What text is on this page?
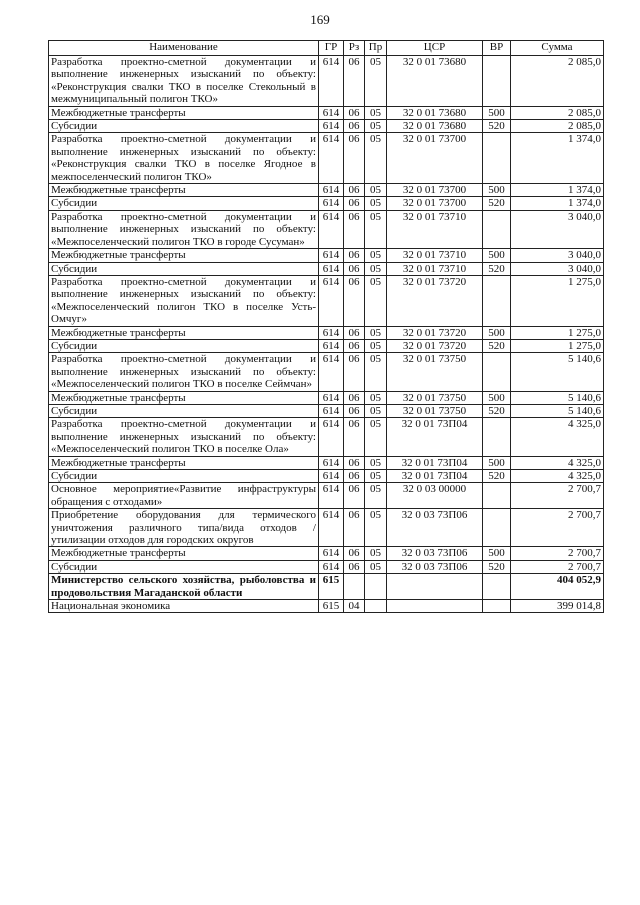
169
Наименование	ГР	Рз	Пр	ЦСР	ВР	Сумма
Разработка проектно-сметной документации и выполнение инженерных изысканий по объекту: «Реконструкция свалки ТКО в поселке Стекольный в межмуниципальный полигон ТКО»	614	06	05	32 0 01 73680		2 085,0
Межбюджетные трансферты	614	06	05	32 0 01 73680	500	2 085,0
Субсидии	614	06	05	32 0 01 73680	520	2 085,0
Разработка проектно-сметной документации и выполнение инженерных изысканий по объекту: «Реконструкция свалки ТКО в поселке Ягодное в межпоселенческий полигон ТКО»	614	06	05	32 0 01 73700		1 374,0
Межбюджетные трансферты	614	06	05	32 0 01 73700	500	1 374,0
Субсидии	614	06	05	32 0 01 73700	520	1 374,0
Разработка проектно-сметной документации и выполнение инженерных изысканий по объекту: «Межпоселенческий полигон ТКО в городе Сусуман»	614	06	05	32 0 01 73710		3 040,0
Межбюджетные трансферты	614	06	05	32 0 01 73710	500	3 040,0
Субсидии	614	06	05	32 0 01 73710	520	3 040,0
Разработка проектно-сметной документации и выполнение инженерных изысканий по объекту: «Межпоселенческий полигон ТКО в поселке Усть-Омчуг»	614	06	05	32 0 01 73720		1 275,0
Межбюджетные трансферты	614	06	05	32 0 01 73720	500	1 275,0
Субсидии	614	06	05	32 0 01 73720	520	1 275,0
Разработка проектно-сметной документации и выполнение инженерных изысканий по объекту: «Межпоселенческий полигон ТКО в поселке Сеймчан»	614	06	05	32 0 01 73750		5 140,6
Межбюджетные трансферты	614	06	05	32 0 01 73750	500	5 140,6
Субсидии	614	06	05	32 0 01 73750	520	5 140,6
Разработка проектно-сметной документации и выполнение инженерных изысканий по объекту: «Межпоселенческий полигон ТКО в поселке Ола»	614	06	05	32 0 01 73П04		4 325,0
Межбюджетные трансферты	614	06	05	32 0 01 73П04	500	4 325,0
Субсидии	614	06	05	32 0 01 73П04	520	4 325,0
Основное мероприятие«Развитие инфраструктуры обращения с отходами»	614	06	05	32 0 03 00000		2 700,7
Приобретение оборудования для термического уничтожения различного типа/вида отходов /утилизации отходов для городских округов	614	06	05	32 0 03 73П06		2 700,7
Межбюджетные трансферты	614	06	05	32 0 03 73П06	500	2 700,7
Субсидии	614	06	05	32 0 03 73П06	520	2 700,7
Министерство сельского хозяйства, рыболовства и продовольствия Магаданской области	615					404 052,9
Национальная экономика	615	04				399 014,8
